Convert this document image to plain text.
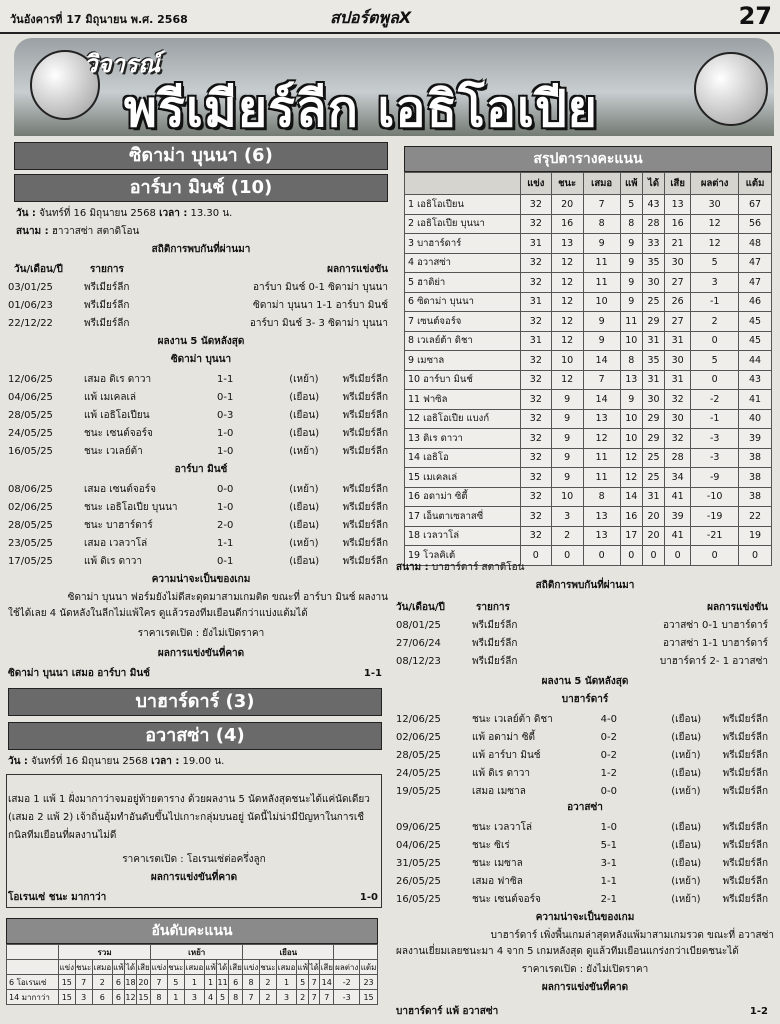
วันอังคารที่ 17 มิถุนายน พ.ศ. 2568	สปอร์ตพูลX	27
วิจารณ์
พรีเมียร์ลีก เอธิโอเปีย
ซิดาม่า บุนนา (6)
อาร์บา มินช์ (10)
วัน : จันทร์ที่ 16 มิถุนายน 2568 เวลา : 13.30 น.
สนาม : ฮาวาสซ่า สตาดิโอน
สถิติการพบกันที่ผ่านมา
วัน/เดือน/ปี	รายการ	ผลการแข่งขัน
03/01/25	พรีเมียร์ลีก	อาร์บา มินช์ 0-1 ซิดาม่า บุนนา
01/06/23	พรีเมียร์ลีก	ซิดาม่า บุนนา 1-1 อาร์บา มินช์
22/12/22	พรีเมียร์ลีก	อาร์บา มินช์ 3- 3 ซิดาม่า บุนนา
ผลงาน 5 นัดหลังสุด
ซิดาม่า บุนนา
12/06/25	เสมอ ดิเร ดาวา	1-1	(เหย้า) พรีเมียร์ลีก
04/06/25	แพ้ เมเคลเล่	0-1	(เยือน) พรีเมียร์ลีก
28/05/25	แพ้ เอธิโอเปียน	0-3	(เยือน) พรีเมียร์ลีก
24/05/25	ชนะ เซนต์จอร์จ	1-0	(เยือน) พรีเมียร์ลีก
16/05/25	ชนะ เวเลย์ต้า	1-0	(เหย้า) พรีเมียร์ลีก
อาร์บา มินช์
08/06/25	เสมอ เซนต์จอร์จ	0-0	(เหย้า) พรีเมียร์ลีก
02/06/25	ชนะ เอธิโอเปีย บุนนา	1-0	(เยือน) พรีเมียร์ลีก
28/05/25	ชนะ บาฮาร์ดาร์	2-0	(เยือน) พรีเมียร์ลีก
23/05/25	เสมอ เวลวาโล่	1-1	(เหย้า) พรีเมียร์ลีก
17/05/25	แพ้ ดิเร ดาวา	0-1	(เยือน) พรีเมียร์ลีก
ความน่าจะเป็นของเกม
ซิดาม่า บุนนา ฟอร์มยังไม่ดีสะดุดมาสามเกมติด ขณะที่ อาร์บา มินช์ ผลงาน
ใช้ได้เลย 4 นัดหลังในลีกไม่แพ้ใคร ดูแล้วรองทีมเยือนดีกว่าแบ่งแต้มได้
ราคาเรตเปิด : ยังไม่เปิดราคา
ผลการแข่งขันที่คาด
ซิดาม่า บุนนา เสมอ อาร์บา มินช์	1-1
บาฮาร์ดาร์ (3)
อวาสซ่า (4)
วัน : จันทร์ที่ 16 มิถุนายน 2568 เวลา : 19.00 น.
เสมอ 1 แพ้ 1 ฝั่งมากาว่าจมอยู่ท้ายตาราง ด้วยผลงาน 5 นัดหลังสุดชนะได้แค่นัดเดียว
(เสมอ 2 แพ้ 2) เจ้าถิ่นอุ้มทำอันดับขึ้นไปเกาะกลุ่มบนอยู่ นัดนี้ไม่น่ามีปัญหาในการเชื
กนิลทีมเยือนที่ผลงานไม่ดี
ราคาเรตเปิด : โอเรนเซ่ต่อครึ่งลูก
ผลการแข่งขันที่คาด
โอเรนเซ่ ชนะ มากาว่า	1-0
อันดับคะแนน
	รวม						เหย้า						เยือน							
	แข่ง	ชนะ	เสมอ	แพ้	ได้	เสีย	แข่ง	ชนะ	เสมอ	แพ้	ได้	เสีย	แข่ง	ชนะ	เสมอ	แพ้	ได้	เสีย	ผลต่าง	แต้ม
6 โอเรนเซ่	15	7	2	6	18	20	7	5	1	1	11	6	8	2	1	5	7	14	-2	23
14 มากาว่า	15	3	6	6	12	15	8	1	3	4	5	8	7	2	3	2	7	7	-3	15
สรุปตารางคะแนน
	แข่ง	ชนะ	เสมอ	แพ้	ได้	เสีย	ผลต่าง	แต้ม
1 เอธิโอเปียน	32	20	7	5	43	13	30	67
2 เอธิโอเปีย บุนนา	32	16	8	8	28	16	12	56
3 บาฮาร์ดาร์	31	13	9	9	33	21	12	48
4 อวาสซ่า	32	12	11	9	35	30	5	47
5 ฮาดิย่า	32	12	11	9	30	27	3	47
6 ซิดาม่า บุนนา	31	12	10	9	25	26	-1	46
7 เซนต์จอร์จ	32	12	9	11	29	27	2	45
8 เวเลย์ต้า ดิชา	31	12	9	10	31	31	0	45
9 เมซาล	32	10	14	8	35	30	5	44
10 อาร์บา มินช์	32	12	7	13	31	31	0	43
11 ฟาซิล	32	9	14	9	30	32	-2	41
12 เอธิโอเปีย แบงก์	32	9	13	10	29	30	-1	40
13 ดิเร ดาวา	32	9	12	10	29	32	-3	39
14 เอธิโอ	32	9	11	12	25	28	-3	38
15 เมเคลเล่	32	9	11	12	25	34	-9	38
16 อดาม่า ซิตี้	32	10	8	14	31	41	-10	38
17 เอ็นตาเซลาสซี่	32	3	13	16	20	39	-19	22
18 เวลวาโล่	32	2	13	17	20	41	-21	19
19 โวลคิเต้	0	0	0	0	0	0	0	0
สนาม : บาฮาร์ดาร์ สตาดิโอน
สถิติการพบกันที่ผ่านมา
วัน/เดือน/ปี	รายการ	ผลการแข่งขัน
08/01/25	พรีเมียร์ลีก	อวาสซ่า 0-1 บาฮาร์ดาร์
27/06/24	พรีเมียร์ลีก	อวาสซ่า 1-1 บาฮาร์ดาร์
08/12/23	พรีเมียร์ลีก	บาฮาร์ดาร์ 2- 1 อวาสซ่า
ผลงาน 5 นัดหลังสุด
บาฮาร์ดาร์
12/06/25	ชนะ เวเลย์ต้า ดิชา	4-0	(เยือน) พรีเมียร์ลีก
02/06/25	แพ้ อดาม่า ซิตี้	0-2	(เยือน) พรีเมียร์ลีก
28/05/25	แพ้ อาร์บา มินช์	0-2	(เหย้า) พรีเมียร์ลีก
24/05/25	แพ้ ดิเร ดาวา	1-2	(เยือน) พรีเมียร์ลีก
19/05/25	เสมอ เมซาล	0-0	(เหย้า) พรีเมียร์ลีก
อวาสซ่า
09/06/25	ชนะ เวลวาโล่	1-0	(เยือน) พรีเมียร์ลีก
04/06/25	ชนะ ซิเร่	5-1	(เยือน) พรีเมียร์ลีก
31/05/25	ชนะ เมซาล	3-1	(เยือน) พรีเมียร์ลีก
26/05/25	เสมอ ฟาซิล	1-1	(เหย้า) พรีเมียร์ลีก
16/05/25	ชนะ เซนต์จอร์จ	2-1	(เหย้า) พรีเมียร์ลีก
ความน่าจะเป็นของเกม
บาฮาร์ดาร์ เพิ่งพื้นเกมล่าสุดหลังแพ้มาสามเกมรวด ขณะที่ อวาสซ่า
ผลงานเยี่ยมเลยชนะมา 4 จาก 5 เกมหลังสุด ดูแล้วทีมเยือนแกร่งกว่าเบียดชนะได้
ราคาเรตเปิด : ยังไม่เปิดราคา
ผลการแข่งขันที่คาด
บาฮาร์ดาร์ แพ้ อวาสซ่า	1-2
